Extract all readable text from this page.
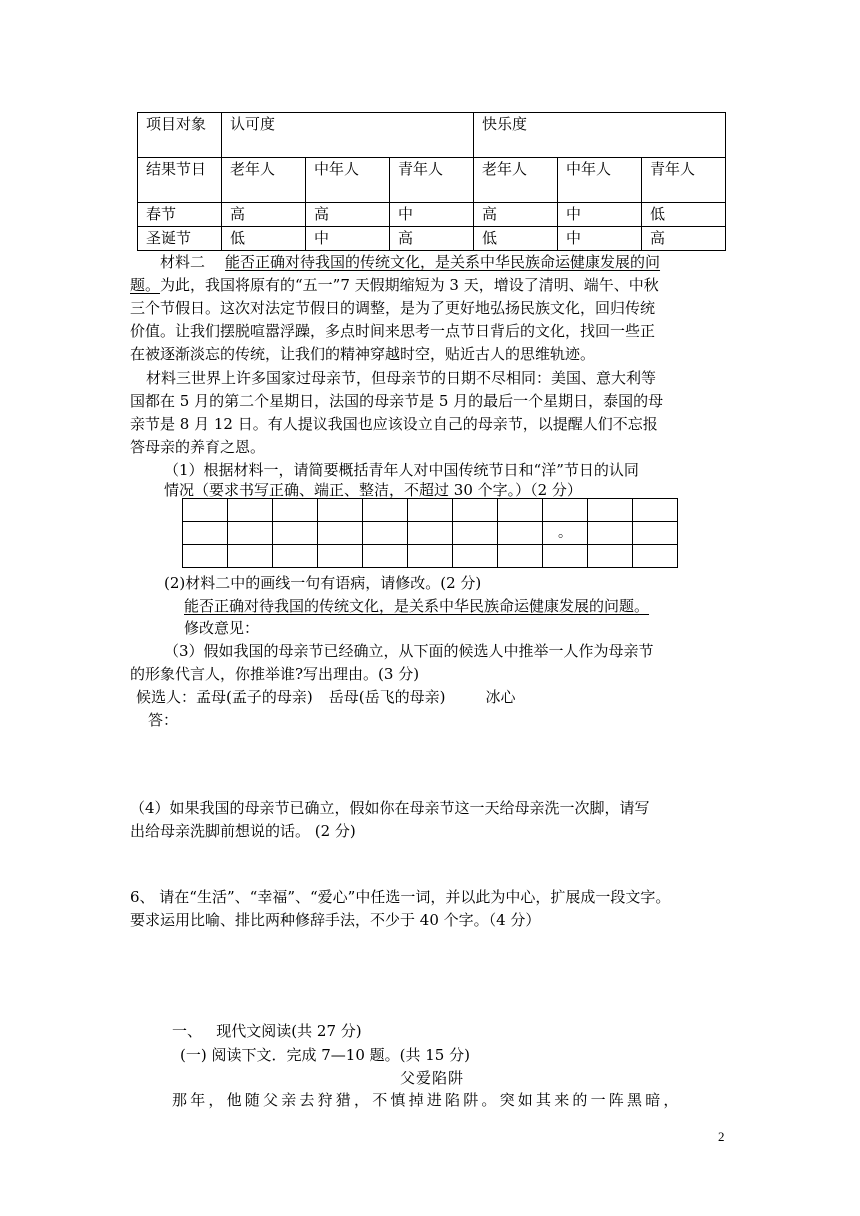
项目对象	认可度			快乐度		
结果节日	老年人	中年人	青年人	老年人	中年人	青年人
春节	高	高	中	高	中	低
圣诞节	低	中	高	低	中	高
材料二 能否正确对待我国的传统文化，是关系中华民族命运健康发展的问
题。为此，我国将原有的“五一”7 天假期缩短为 3 天，增设了清明、端午、中秋
三个节假日。这次对法定节假日的调整，是为了更好地弘扬民族文化，回归传统
价值。让我们摆脱喧嚣浮躁，多点时间来思考一点节日背后的文化，找回一些正
在被逐渐淡忘的传统，让我们的精神穿越时空，贴近古人的思维轨迹。
材料三世界上许多国家过母亲节，但母亲节的日期不尽相同：美国、意大利等
国都在 5 月的第二个星期日，法国的母亲节是 5 月的最后一个星期日，泰国的母
亲节是 8 月 12 日。有人提议我国也应该设立自己的母亲节，以提醒人们不忘报
答母亲的养育之恩。
（1）根据材料一，请简要概括青年人对中国传统节日和“洋”节日的认同
情况（要求书写正确、端正、整洁，不超过 30 个字。）（2 分）

								。		

(2)材料二中的画线一句有语病，请修改。(2 分)
能否正确对待我国的传统文化，是关系中华民族命运健康发展的问题。
修改意见：
（3）假如我国的母亲节已经确立，从下面的候选人中推举一人作为母亲节
的形象代言人，你推举谁?写出理由。(3 分)
候选人：孟母(孟子的母亲) 岳母(岳飞的母亲)	冰心
答：
（4）如果我国的母亲节已确立，假如你在母亲节这一天给母亲洗一次脚，请写
出给母亲洗脚前想说的话。 (2 分)
6、 请在“生活”、“幸福”、“爱心”中任选一词，并以此为中心，扩展成一段文字。
要求运用比喻、排比两种修辞手法，不少于 40 个字。（4 分）
一、   现代文阅读(共 27 分)
(一) 阅读下文．完成 7—10 题。(共 15 分)
父爱陷阱
那年，他随父亲去狩猎，不慎掉进陷阱。突如其来的一阵黑暗，
2
